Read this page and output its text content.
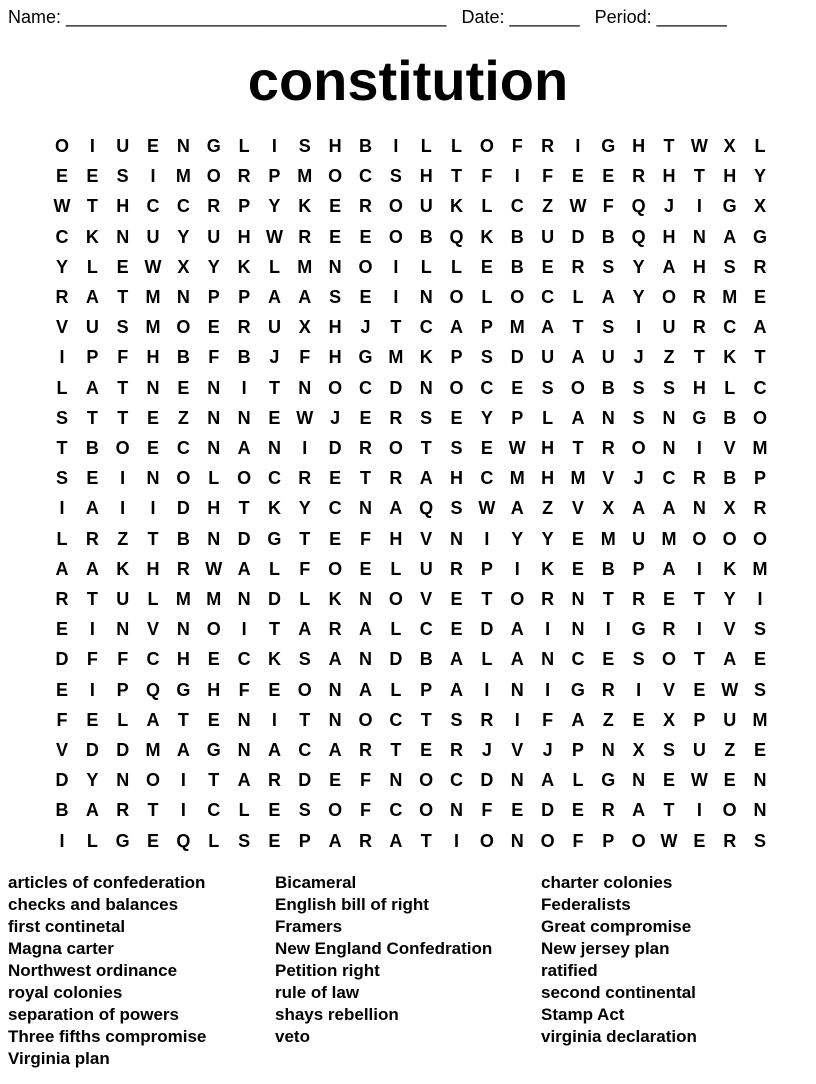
Name: ______________________________________ Date: _______ Period: _______
constitution
O	I	U E N G L	I	S H B	I	L	L O F	R	I	G H	T W X	L
E	E	S	I	M O R P M O C S H	T	F	I	F	E	E R H	T	H Y
W T	H C C R P	Y K E R O U K	L	C	Z W F Q	J	I	G X
C K N U Y U H W R E	E O B Q K B U D B Q H N A G
Y	L	E W X	Y K	L M N O	I	L	L	E B E R S	Y A H S R
R A	T M N P	P A A S	E	I	N O L O C	L	A Y O R M E
V U S M O E R U X H	J	T	C A P M A	T	S	I	U R C A
I	P	F	H B	F	B	J	F	H G M K P	S D U A U	J	Z	T	K	T
L	A	T	N E N	I	T	N O C D N O C E	S O B S	S H	L	C
S	T	T	E	Z	N N E W J	E R S	E	Y	P	L	A N S N G B O
T	B O E C N A N	I	D R O T	S	E W H	T	R O N	I	V M
S	E	I	N O L O C R E	T	R A H C M H M V	J	C R B P
I	A	I	I	D H	T	K Y C N A Q S W A	Z	V	X A A N X R
L	R	Z	T	B N D G T	E	F	H V N	I	Y	Y	E M U M O O O
A A K H R W A	L	F O E	L	U R P	I	K E B P A	I	K M
R	T	U	L M M N D	L	K N O V	E	T O R N	T	R E	T	Y	I
E	I	N V N O	I	T	A R A	L	C E D A	I	N	I	G R	I	V	S
D	F	F	C H E C K S A N D B A	L	A N C E	S O T	A E
E	I	P Q G H	F	E O N A	L	P A	I	N	I	G R	I	V	E W S
F	E	L	A	T	E N	I	T	N O C	T	S R	I	F	A	Z	E	X	P U M
V D D M A G N A C A R	T	E R	J	V	J	P N X	S U	Z	E
D Y N O	I	T	A R D E	F	N O C D N A	L G N E W E N
B A R	T	I	C	L	E	S O F	C O N	F	E D E R A	T	I	O N
I	L G E Q L	S	E	P A R A	T	I	O N O F	P O W E R S
articles of confederation
checks and balances
first continetal
Magna carter
Northwest ordinance
royal colonies
separation of powers
Three fifths compromise
Virginia plan
Bicameral
English bill of right
Framers
New England Confedration
Petition right
rule of law
shays rebellion
veto
charter colonies
Federalists
Great compromise
New jersey plan
ratified
second continental
Stamp Act
virginia declaration
